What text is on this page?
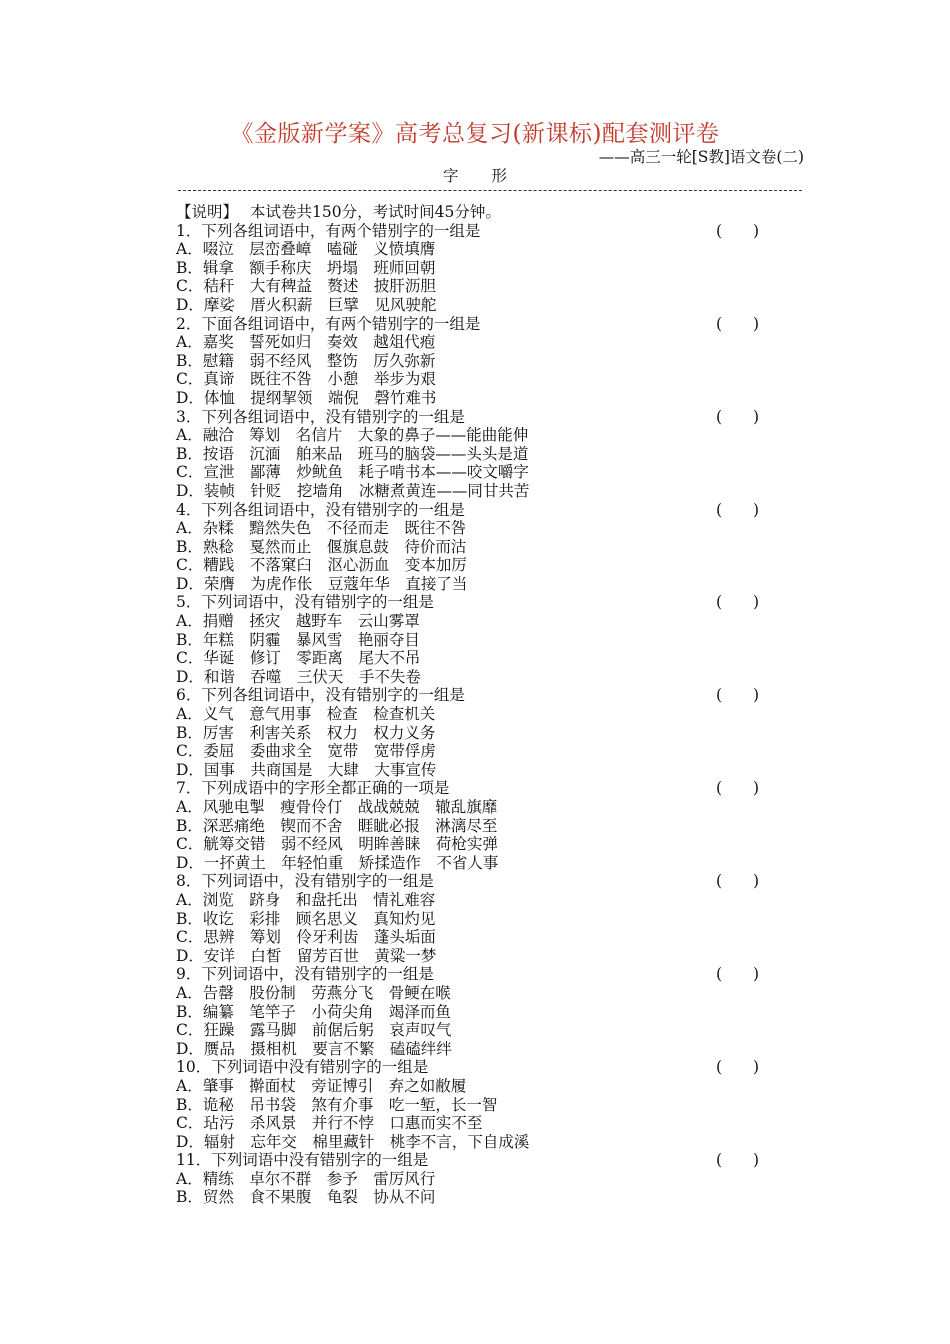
《金版新学案》高考总复习(新课标)配套测评卷
——高三一轮[S教]语文卷(二)
字 形
【说明】 本试卷共150分，考试时间45分钟。
1．下列各组词语中，有两个错别字的一组是	(　　)
A．啜泣　层峦叠嶂　嗑碰　义愤填膺
B．辑拿　额手称庆　坍塌　班师回朝
C．秸秆　大有稗益　赘述　披肝沥胆
D．摩娑　厝火积薪　巨擘　见风驶舵
2．下面各组词语中，有两个错别字的一组是	(　　)
A．嘉奖　誓死如归　奏效　越俎代疱
B．慰籍　弱不经风　整饬　厉久弥新
C．真谛　既往不咎　小憩　举步为艰
D．体恤　提纲挈领　端倪　磬竹难书
3．下列各组词语中，没有错别字的一组是	(　　)
A．融洽　筹划　名信片　大象的鼻子——能曲能伸
B．按语　沉湎　舶来品　班马的脑袋——头头是道
C．宣泄　鄙薄　炒鱿鱼　耗子啃书本——咬文嚼字
D．装帧　针贬　挖墙角　冰糖煮黄连——同甘共苦
4．下列各组词语中，没有错别字的一组是	(　　)
A．杂糅　黯然失色　不径而走　既往不咎
B．熟稔　戛然而止　偃旗息鼓　待价而沽
C．糟践　不落窠臼　沤心沥血　变本加厉
D．荣膺　为虎作伥　豆蔻年华　直接了当
5．下列词语中，没有错别字的一组是	(　　)
A．捐赠　拯灾　越野车　云山雾罩
B．年糕　阴霾　暴风雪　艳丽夺目
C．华诞　修订　零距离　尾大不吊
D．和谐　吞噬　三伏天　手不失卷
6．下列各组词语中，没有错别字的一组是	(　　)
A．义气　意气用事　检查　检查机关
B．厉害　利害关系　权力　权力义务
C．委屈　委曲求全　宽带　宽带俘虏
D．国事　共商国是　大肆　大事宣传
7．下列成语中的字形全都正确的一项是	(　　)
A．风驰电掣　瘦骨伶仃　战战兢兢　辙乱旗靡
B．深恶痛绝　锲而不舍　睚眦必报　淋漓尽至
C．觥筹交错　弱不经风　明眸善睐　荷枪实弹
D．一抔黄土　年轻怕重　矫揉造作　不省人事
8．下列词语中，没有错别字的一组是	(　　)
A．浏览　跻身　和盘托出　情礼难容
B．收讫　彩排　顾名思义　真知灼见
C．思辨　筹划　伶牙利齿　蓬头垢面
D．安详　白皙　留芳百世　黄粱一梦
9．下列词语中，没有错别字的一组是	(　　)
A．告罄　股份制　劳燕分飞　骨鲠在喉
B．编纂　笔竿子　小荷尖角　竭泽而鱼
C．狂躁　露马脚　前倨后躬　哀声叹气
D．赝品　摄相机　要言不繁　磕磕绊绊
10．下列词语中没有错别字的一组是	(　　)
A．肇事　擀面杖　旁证博引　弃之如敝履
B．诡秘　吊书袋　煞有介事　吃一堑，长一智
C．玷污　杀风景　并行不悖　口惠而实不至
D．辐射　忘年交　棉里藏针　桃李不言，下自成溪
11．下列词语中没有错别字的一组是	(　　)
A．精练　卓尔不群　参予　雷厉风行
B．贸然　食不果腹　龟裂　协从不问
